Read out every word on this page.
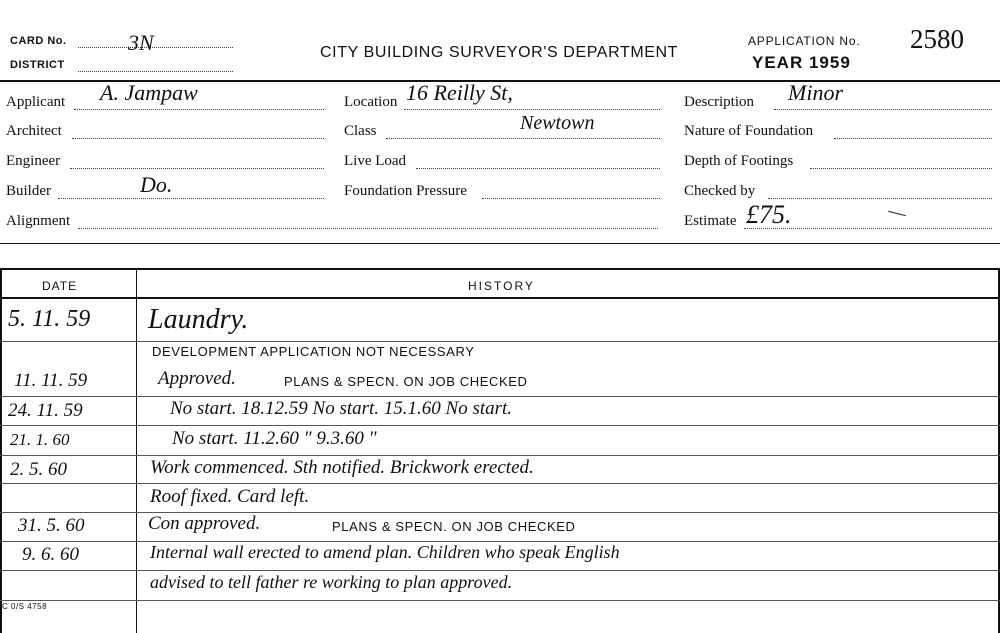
CARD No.	3N
DISTRICT
CITY BUILDING SURVEYOR'S DEPARTMENT
APPLICATION No. 2580
YEAR 1959
Applicant A. Jampaw
Architect
Engineer
Builder	Do.
Alignment
Location 16 Reilly St,
Class	Newtown
Live Load
Foundation Pressure
Description Minor
Nature of Foundation
Depth of Footings
Checked by
Estimate £75.
DATE	HISTORY
5. 11. 59 Laundry.
DEVELOPMENT APPLICATION NOT NECESSARY
11. 11. 59	Approved.	PLANS & SPECN. ON JOB CHECKED
24. 11. 59	No start. 18.12.59 No start. 15.1.60 No start.
21. 1. 60	No start. 11.2.60 " 9.3.60 "
2. 5. 60	Work commenced. Sth notified. Brickwork erected.
Roof fixed. Card left.
31. 5. 60	Con approved.	PLANS & SPECN. ON JOB CHECKED
9. 6. 60	Internal wall erected to amend plan. Children who speak English
advised to tell father re working to plan approved.
C 0/S 4758
